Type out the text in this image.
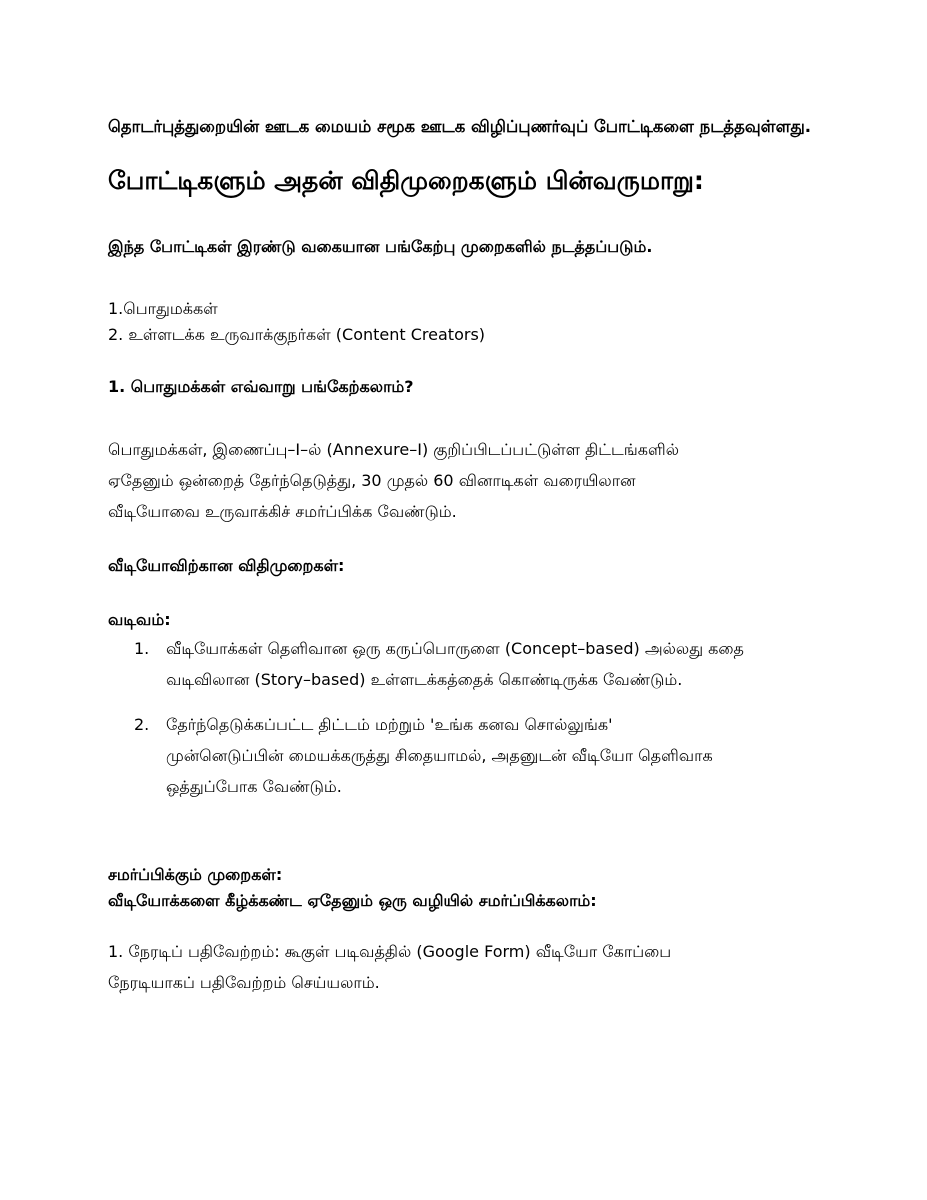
தொடர்புத்துறையின் ஊடக மையம் சமூக ஊடக விழிப்புணர்வுப் போட்டிகளை நடத்தவுள்ளது.

போட்டிகளும் அதன் விதிமுறைகளும் பின்வருமாறு:

இந்த போட்டிகள் இரண்டு வகையான பங்கேற்பு முறைகளில் நடத்தப்படும்.

1.பொதுமக்கள்
2. உள்ளடக்க உருவாக்குநர்கள் (Content Creators)

1. பொதுமக்கள் எவ்வாறு பங்கேற்கலாம்?

பொதுமக்கள், இணைப்பு–I–ல் (Annexure–I) குறிப்பிடப்பட்டுள்ள திட்டங்களில்
ஏதேனும் ஒன்றைத் தேர்ந்தெடுத்து, 30 முதல் 60 வினாடிகள் வரையிலான
வீடியோவை உருவாக்கிச் சமர்ப்பிக்க வேண்டும்.

வீடியோவிற்கான விதிமுறைகள்:

வடிவம்:

1. வீடியோக்கள் தெளிவான ஒரு கருப்பொருளை (Concept–based) அல்லது கதை
வடிவிலான (Story–based) உள்ளடக்கத்தைக் கொண்டிருக்க வேண்டும்.
2. தேர்ந்தெடுக்கப்பட்ட திட்டம் மற்றும் 'உங்க கனவ சொல்லுங்க'
முன்னெடுப்பின் மையக்கருத்து சிதையாமல், அதனுடன் வீடியோ தெளிவாக
ஒத்துப்போக வேண்டும்.
சமர்ப்பிக்கும் முறைகள்:
வீடியோக்களை கீழ்க்கண்ட ஏதேனும் ஒரு வழியில் சமர்ப்பிக்கலாம்:
1. நேரடிப் பதிவேற்றம்: கூகுள் படிவத்தில் (Google Form) வீடியோ கோப்பை
நேரடியாகப் பதிவேற்றம் செய்யலாம்.
